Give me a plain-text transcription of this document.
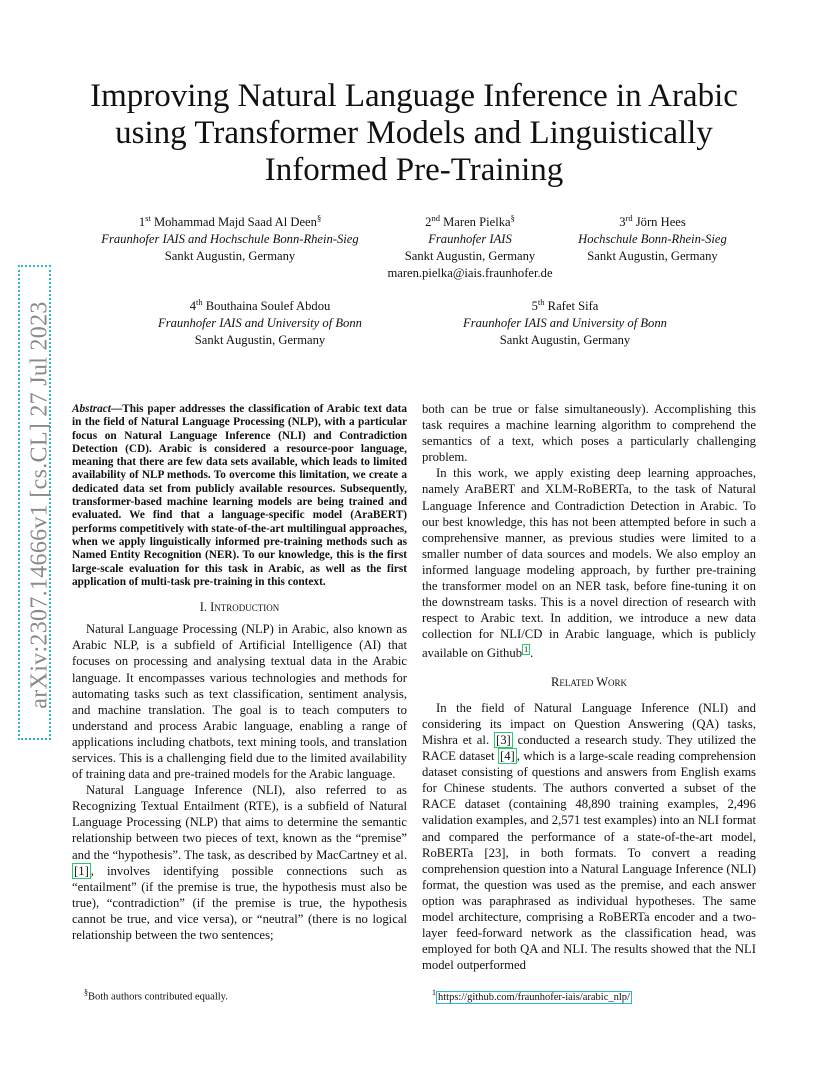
arXiv:2307.14666v1 [cs.CL] 27 Jul 2023
Improving Natural Language Inference in Arabic using Transformer Models and Linguistically Informed Pre-Training
1st Mohammad Majd Saad Al Deen§
Fraunhofer IAIS and Hochschule Bonn-Rhein-Sieg
Sankt Augustin, Germany
2nd Maren Pielka§
Fraunhofer IAIS
Sankt Augustin, Germany
maren.pielka@iais.fraunhofer.de
3rd Jörn Hees
Hochschule Bonn-Rhein-Sieg
Sankt Augustin, Germany
4th Bouthaina Soulef Abdou
Fraunhofer IAIS and University of Bonn
Sankt Augustin, Germany
5th Rafet Sifa
Fraunhofer IAIS and University of Bonn
Sankt Augustin, Germany

Abstract—This paper addresses the classification of Arabic text data in the field of Natural Language Processing (NLP), with a particular focus on Natural Language Inference (NLI) and Contradiction Detection (CD). Arabic is considered a resource-poor language, meaning that there are few data sets available, which leads to limited availability of NLP methods. To overcome this limitation, we create a dedicated data set from publicly available resources. Subsequently, transformer-based machine learning models are being trained and evaluated. We find that a language-specific model (AraBERT) performs competitively with state-of-the-art multilingual approaches, when we apply linguistically informed pre-training methods such as Named Entity Recognition (NER). To our knowledge, this is the first large-scale evaluation for this task in Arabic, as well as the first application of multi-task pre-training in this context.

I. Introduction

Natural Language Processing (NLP) in Arabic, also known as Arabic NLP, is a subfield of Artificial Intelligence (AI) that focuses on processing and analysing textual data in the Arabic language. It encompasses various technologies and methods for automating tasks such as text classification, sentiment analysis, and machine translation. The goal is to teach computers to understand and process Arabic language, enabling a range of applications including chatbots, text mining tools, and translation services. This is a challenging field due to the limited availability of training data and pre-trained models for the Arabic language.

Natural Language Inference (NLI), also referred to as Recognizing Textual Entailment (RTE), is a subfield of Natural Language Processing (NLP) that aims to determine the semantic relationship between two pieces of text, known as the “premise” and the “hypothesis”. The task, as described by MacCartney et al. [1] , involves identifying possible connections such as “entailment” (if the premise is true, the hypothesis must also be true), “contradiction” (if the premise is true, the hypothesis cannot be true, and vice versa), or “neutral” (there is no logical relationship between the two sentences;

both can be true or false simultaneously). Accomplishing this task requires a machine learning algorithm to comprehend the semantics of a text, which poses a particularly challenging problem.

In this work, we apply existing deep learning approaches, namely AraBERT and XLM-RoBERTa, to the task of Natural Language Inference and Contradiction Detection in Arabic. To our best knowledge, this has not been attempted before in such a comprehensive manner, as previous studies were limited to a smaller number of data sources and models. We also employ an informed language modeling approach, by further pre-training the transformer model on an NER task, before fine-tuning it on the downstream tasks. This is a novel direction of research with respect to Arabic text. In addition, we introduce a new data collection for NLI/CD in Arabic language, which is publicly available on Github $^1$ .

Related Work

In the field of Natural Language Inference (NLI) and considering its impact on Question Answering (QA) tasks, Mishra et al. [3] conducted a research study. They utilized the RACE dataset [4] , which is a large-scale reading comprehension dataset consisting of questions and answers from English exams for Chinese students. The authors converted a subset of the RACE dataset (containing 48,890 training examples, 2,496 validation examples, and 2,571 test examples) into an NLI format and compared the performance of a state-of-the-art model, RoBERTa [23], in both formats. To convert a reading comprehension question into a Natural Language Inference (NLI) format, the question was used as the premise, and each answer option was paraphrased as individual hypotheses. The same model architecture, comprising a RoBERTa encoder and a two-layer feed-forward network as the classification head, was employed for both QA and NLI. The results showed that the NLI model outperformed

§Both authors contributed equally.	$^1$ https://github.com/fraunhofer-iais/arabic_nlp/
